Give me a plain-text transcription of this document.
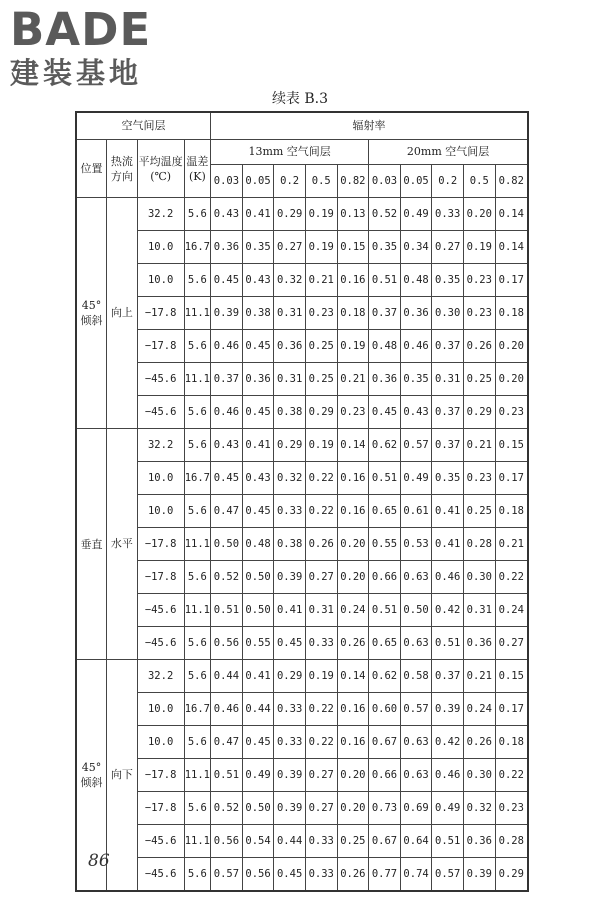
BADE
建装基地
续表 B.3
空气间层				辐射率									
位置	热流方向	平均温度(℃)	温差(K)	13mm 空气间层					20mm 空气间层				
				0.03	0.05	0.2	0.5	0.82	0.03	0.05	0.2	0.5	0.82
45° 倾斜	向上	32.2	5.6	0.43	0.41	0.29	0.19	0.13	0.52	0.49	0.33	0.20	0.14
		10.0	16.7	0.36	0.35	0.27	0.19	0.15	0.35	0.34	0.27	0.19	0.14
		10.0	5.6	0.45	0.43	0.32	0.21	0.16	0.51	0.48	0.35	0.23	0.17
		−17.8	11.1	0.39	0.38	0.31	0.23	0.18	0.37	0.36	0.30	0.23	0.18
		−17.8	5.6	0.46	0.45	0.36	0.25	0.19	0.48	0.46	0.37	0.26	0.20
		−45.6	11.1	0.37	0.36	0.31	0.25	0.21	0.36	0.35	0.31	0.25	0.20
		−45.6	5.6	0.46	0.45	0.38	0.29	0.23	0.45	0.43	0.37	0.29	0.23
垂直	水平	32.2	5.6	0.43	0.41	0.29	0.19	0.14	0.62	0.57	0.37	0.21	0.15
		10.0	16.7	0.45	0.43	0.32	0.22	0.16	0.51	0.49	0.35	0.23	0.17
		10.0	5.6	0.47	0.45	0.33	0.22	0.16	0.65	0.61	0.41	0.25	0.18
		−17.8	11.1	0.50	0.48	0.38	0.26	0.20	0.55	0.53	0.41	0.28	0.21
		−17.8	5.6	0.52	0.50	0.39	0.27	0.20	0.66	0.63	0.46	0.30	0.22
		−45.6	11.1	0.51	0.50	0.41	0.31	0.24	0.51	0.50	0.42	0.31	0.24
		−45.6	5.6	0.56	0.55	0.45	0.33	0.26	0.65	0.63	0.51	0.36	0.27
45° 倾斜	向下	32.2	5.6	0.44	0.41	0.29	0.19	0.14	0.62	0.58	0.37	0.21	0.15
		10.0	16.7	0.46	0.44	0.33	0.22	0.16	0.60	0.57	0.39	0.24	0.17
		10.0	5.6	0.47	0.45	0.33	0.22	0.16	0.67	0.63	0.42	0.26	0.18
		−17.8	11.1	0.51	0.49	0.39	0.27	0.20	0.66	0.63	0.46	0.30	0.22
		−17.8	5.6	0.52	0.50	0.39	0.27	0.20	0.73	0.69	0.49	0.32	0.23
		−45.6	11.1	0.56	0.54	0.44	0.33	0.25	0.67	0.64	0.51	0.36	0.28
		−45.6	5.6	0.57	0.56	0.45	0.33	0.26	0.77	0.74	0.57	0.39	0.29
86
